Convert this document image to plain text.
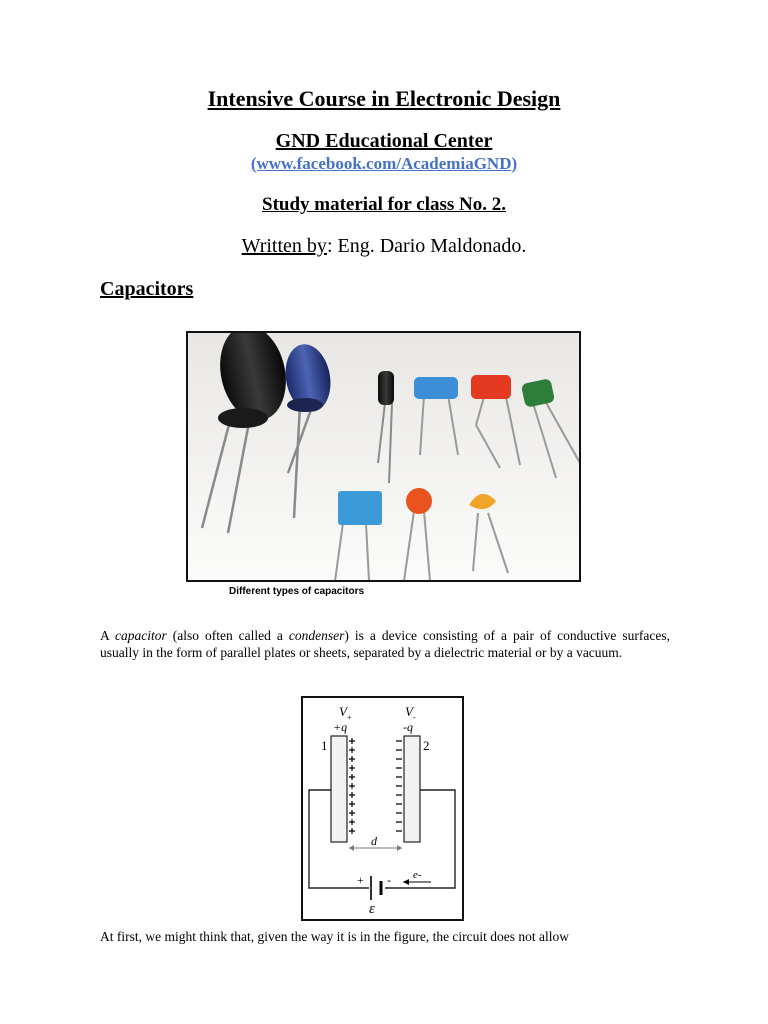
Intensive Course in Electronic Design
GND Educational Center
(www.facebook.com/AcademiaGND)
Study material for class No. 2.
Written by: Eng. Dario Maldonado.
Capacitors
Different types of capacitors
A capacitor (also often called a condenser) is a device consisting of a pair of conductive surfaces, usually in the form of parallel plates or sheets, separated by a dielectric material or by a vacuum.
V +	V -
+q	-q
1	2
d
+ -
ε
e-
At first, we might think that, given the way it is in the figure, the circuit does not allow
